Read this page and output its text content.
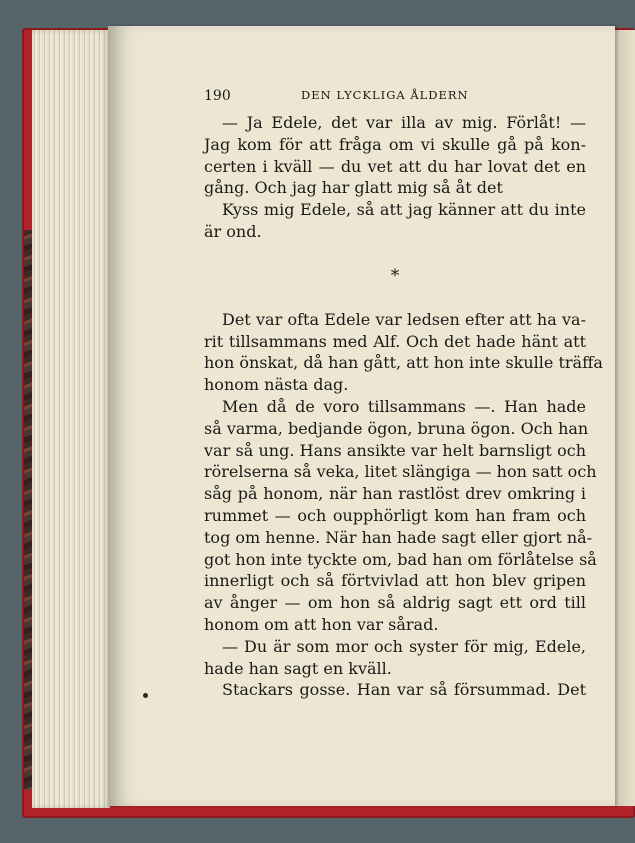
190	DEN LYCKLIGA ÅLDERN
— Ja Edele, det var illa av mig. Förlåt! —
Jag kom för att fråga om vi skulle gå på kon-
certen i kväll — du vet att du har lovat det en
gång. Och jag har glatt mig så åt det
Kyss mig Edele, så att jag känner att du inte
är ond.
*
Det var ofta Edele var ledsen efter att ha va-
rit tillsammans med Alf. Och det hade hänt att
hon önskat, då han gått, att hon inte skulle träffa
honom nästa dag.
Men då de voro tillsammans —. Han hade
så varma, bedjande ögon, bruna ögon. Och han
var så ung. Hans ansikte var helt barnsligt och
rörelserna så veka, litet slängiga — hon satt och
såg på honom, när han rastlöst drev omkring i
rummet — och oupphörligt kom han fram och
tog om henne. När han hade sagt eller gjort nå-
got hon inte tyckte om, bad han om förlåtelse så
innerligt och så förtvivlad att hon blev gripen
av ånger — om hon så aldrig sagt ett ord till
honom om att hon var sårad.
— Du är som mor och syster för mig, Edele,
hade han sagt en kväll.
Stackars gosse. Han var så försummad. Det
